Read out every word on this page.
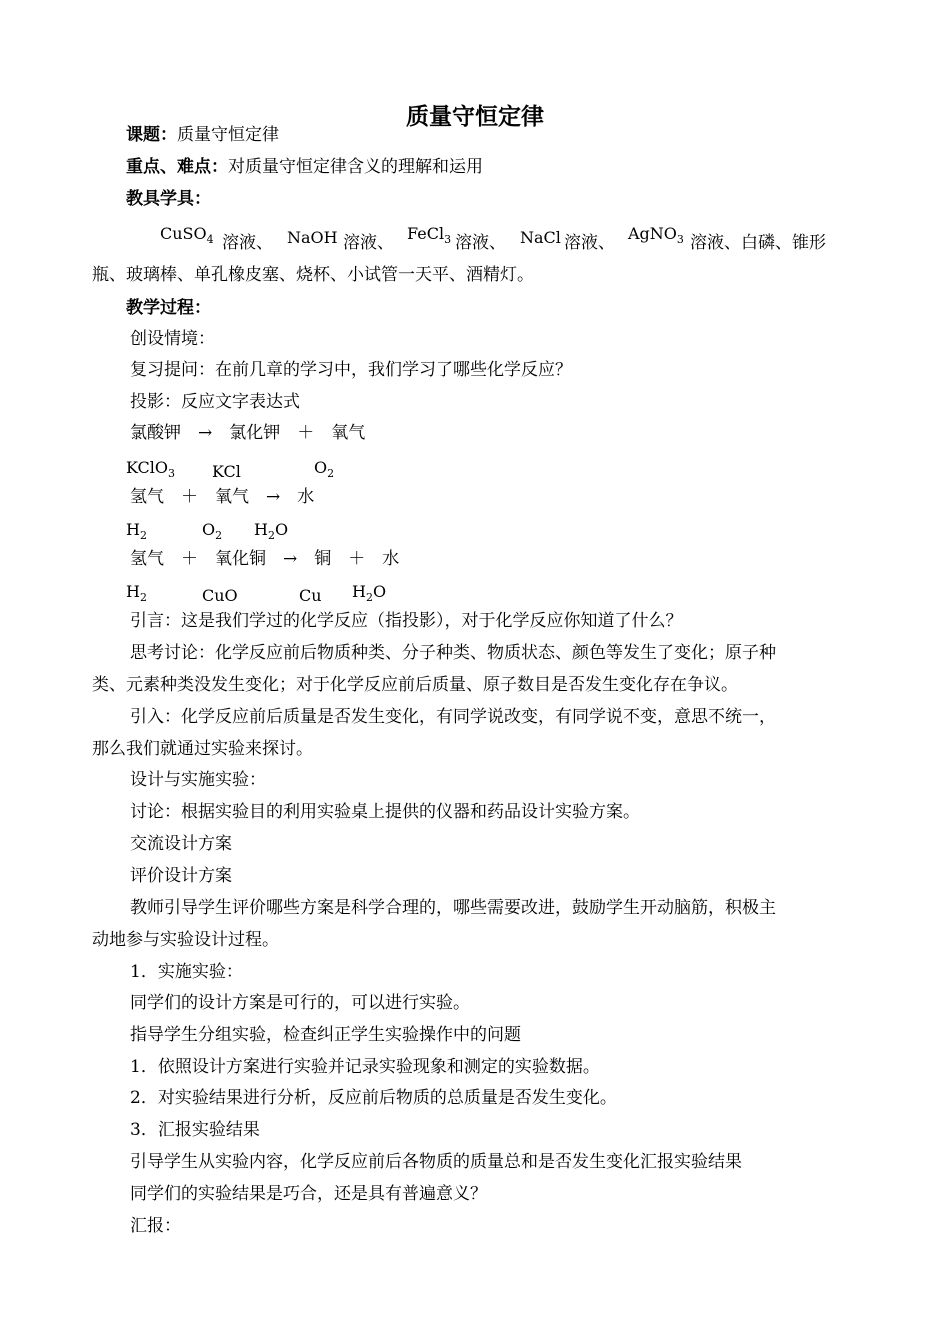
质量守恒定律
课题：质量守恒定律
重点、难点：对质量守恒定律含义的理解和运用
教具学具：
CuSO$_4$ 溶液、 NaOH 溶液、 FeCl$_3$ 溶液、 NaCl 溶液、 AgNO$_3$ 溶液、白磷、锥形
瓶、玻璃棒、单孔橡皮塞、烧杯、小试管一天平、酒精灯。
教学过程：
创设情境：
复习提问：在前几章的学习中，我们学习了哪些化学反应？
投影：反应文字表达式
氯酸钾　→　氯化钾　＋　氧气
KClO$_3$ KCl	$O_2$
氢气　＋　氧气　→　水
$H_2$	$O_2$ $H_2O$
氢气　＋　氧化铜　→　铜　＋　水
$H_2$	CuO	Cu $H_2O$
引言：这是我们学过的化学反应（指投影），对于化学反应你知道了什么？
思考讨论：化学反应前后物质种类、分子种类、物质状态、颜色等发生了变化；原子种
类、元素种类没发生变化；对于化学反应前后质量、原子数目是否发生变化存在争议。
引入：化学反应前后质量是否发生变化，有同学说改变，有同学说不变，意思不统一，
那么我们就通过实验来探讨。
设计与实施实验：
讨论：根据实验目的利用实验桌上提供的仪器和药品设计实验方案。
交流设计方案
评价设计方案
教师引导学生评价哪些方案是科学合理的，哪些需要改进，鼓励学生开动脑筋，积极主
动地参与实验设计过程。
1．实施实验：
同学们的设计方案是可行的，可以进行实验。
指导学生分组实验，检查纠正学生实验操作中的问题
1．依照设计方案进行实验并记录实验现象和测定的实验数据。
2．对实验结果进行分析，反应前后物质的总质量是否发生变化。
3．汇报实验结果
引导学生从实验内容，化学反应前后各物质的质量总和是否发生变化汇报实验结果
同学们的实验结果是巧合，还是具有普遍意义？
汇报：
